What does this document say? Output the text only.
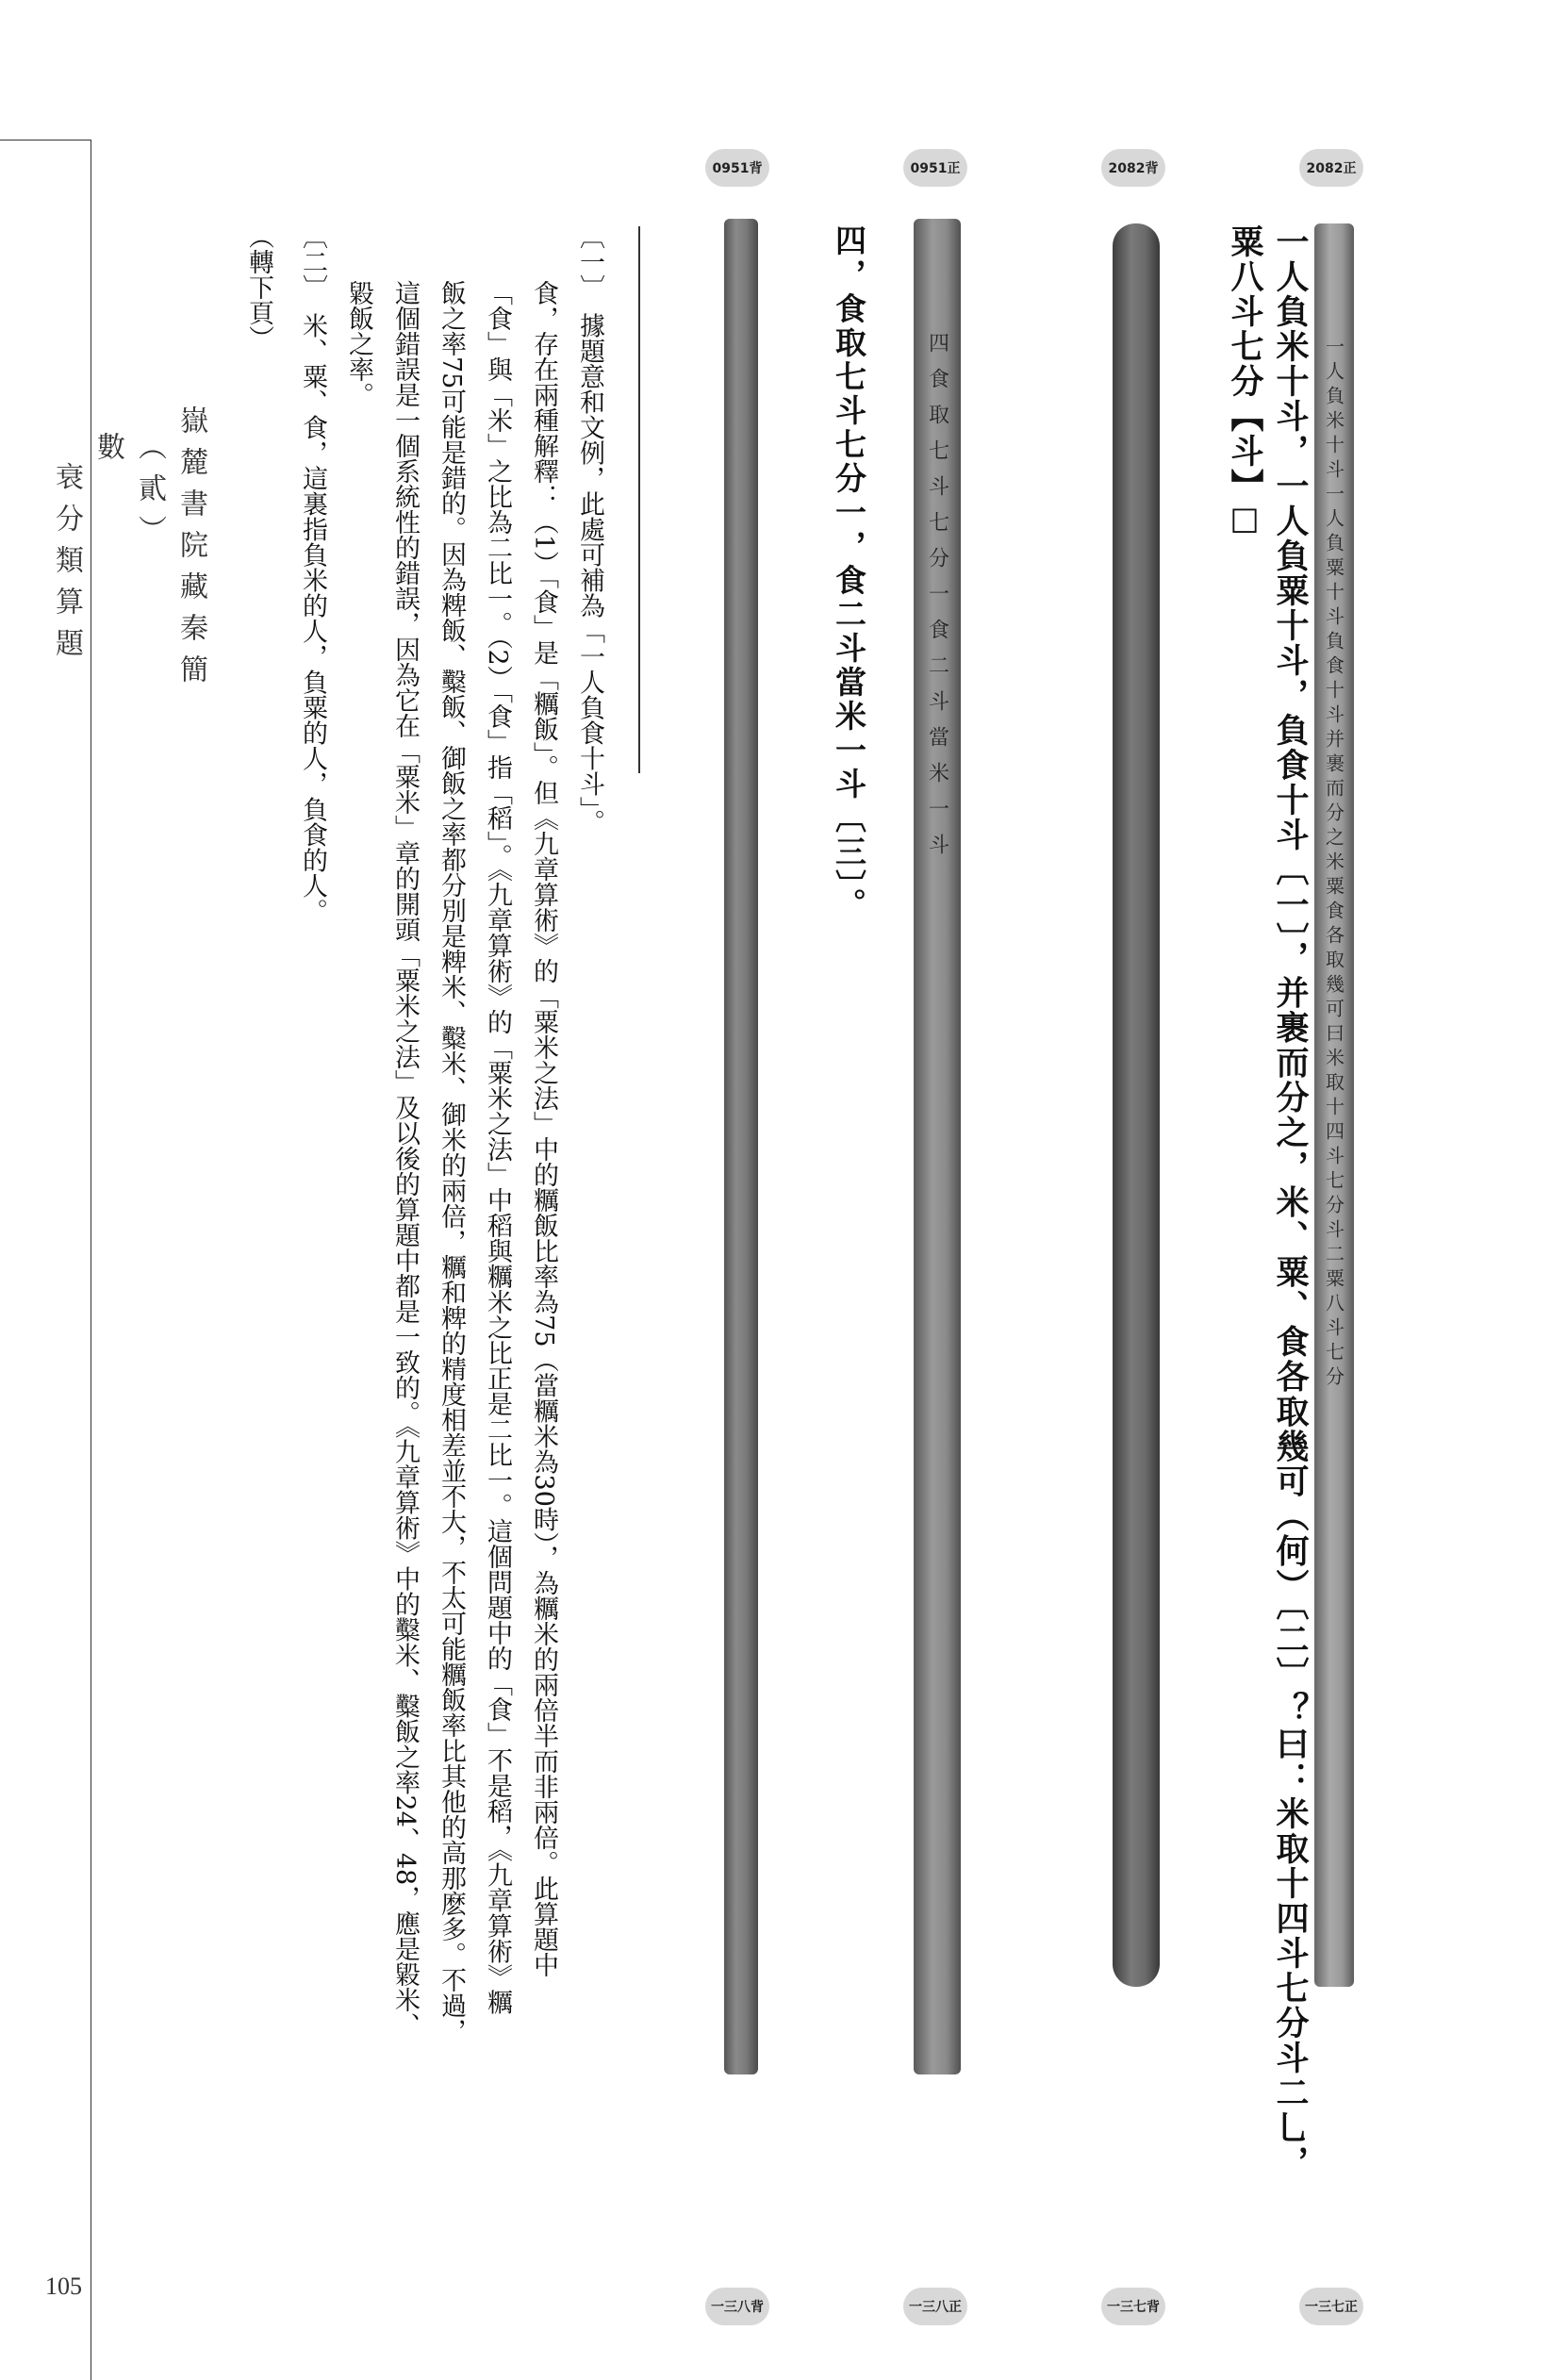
嶽麓書院藏秦簡
（貳）
數
衰分類算題
105
0951背	0951正	2082背	2082正
四食取七斗七分一食二斗當米一斗	一人負米十斗一人負粟十斗負食十斗并裹而分之米粟食各取幾可曰米取十四斗七分斗二粟八斗七分
一三八背	一三八正	一三七背	一三七正
一人負米十斗，一人負粟十斗，負食十斗〔一〕，并裹而分之，米、粟、食各取幾可（何）〔二〕？曰：米取十四斗七分斗二乚，粟八斗七分【斗】☐
四，食取七斗七分一，食二斗當米一斗〔三〕。

〔一〕　據題意和文例，此處可補為「一人負食十斗」。

食，存在兩種解釋：（1）「食」是「糲飯」。但《九章算術》的「粟米之法」中的糲飯比率為75（當糲米為30時），為糲米的兩倍半而非兩倍。此算題中

「食」與「米」之比為二比一。（2）「食」指「稻」。《九章算術》的「粟米之法」中稻與糲米之比正是二比一。這個問題中的「食」不是稻，《九章算術》糲

飯之率75可能是錯的。因為粺飯、糳飯、御飯之率都分別是粺米、糳米、御米的兩倍，糲和粺的精度相差並不大，不太可能糲飯率比其他的高那麽多。不過，

這個錯誤是一個系統性的錯誤，因為它在「粟米」章的開頭「粟米之法」及以後的算題中都是一致的。《九章算術》中的糳米、糳飯之率24、48，應是毇米、

毇飯之率。

〔二〕　米、粟、食，這裏指負米的人，負粟的人，負食的人。

（轉下頁）
